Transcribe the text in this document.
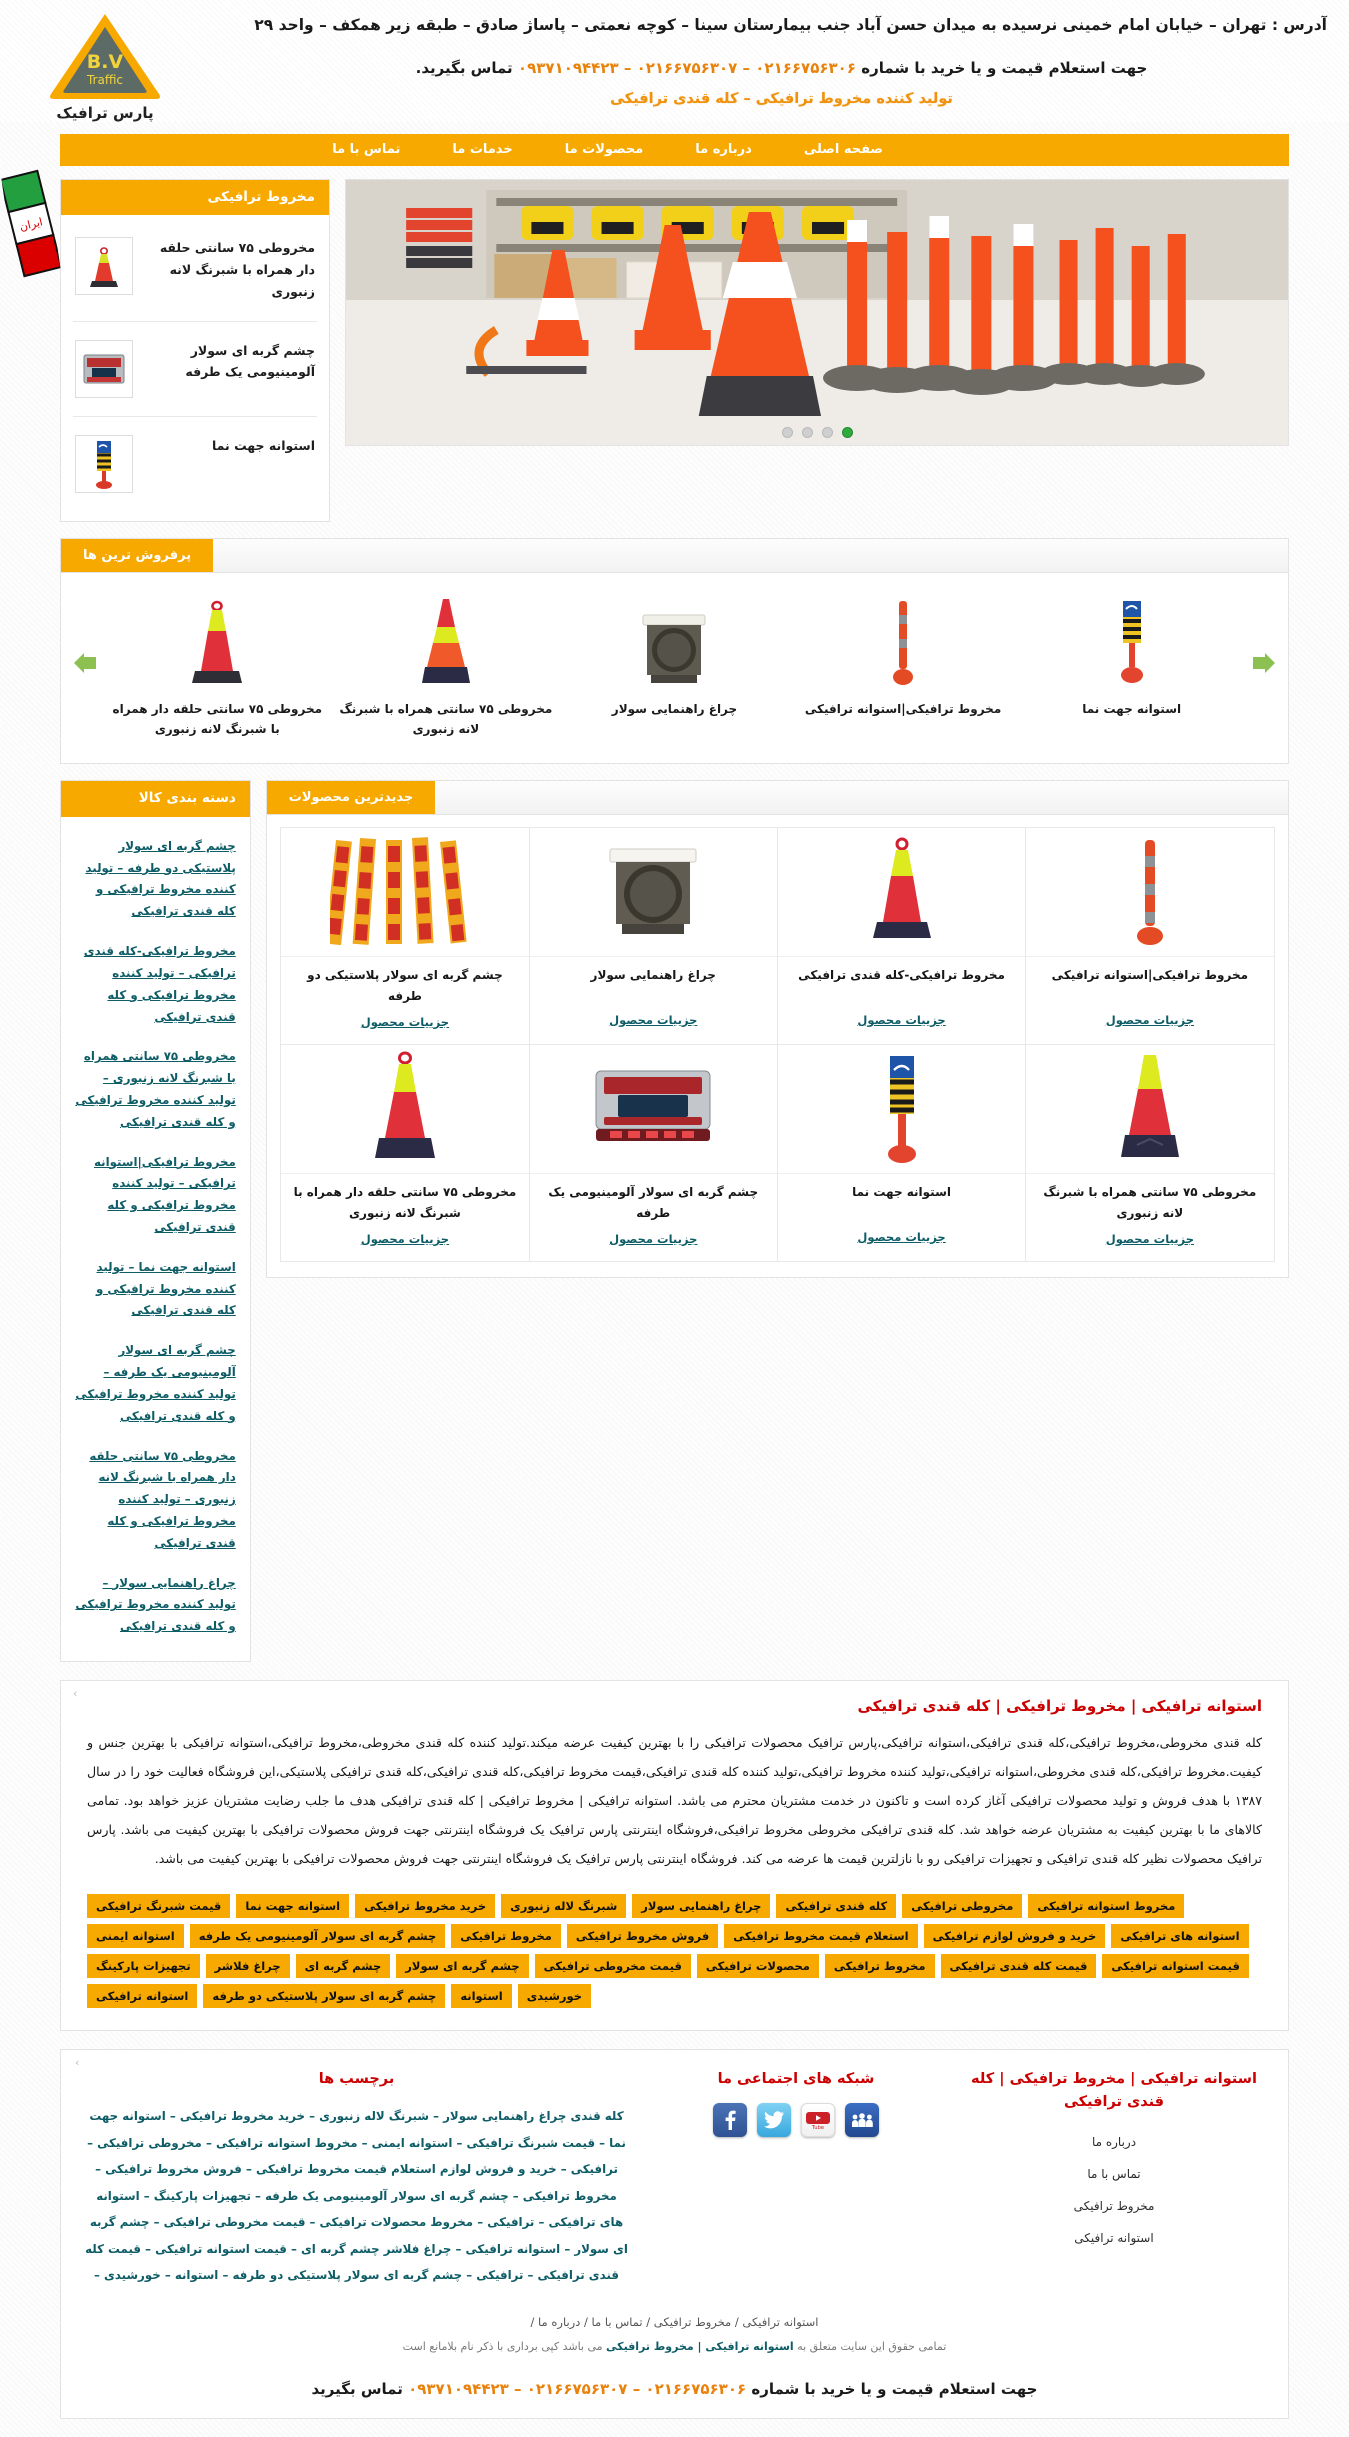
ایران
B.V
Traffic
پارس ترافیک
آدرس : تهران – خیابان امام خمینی نرسیده به میدان حسن آباد جنب بیمارستان سینا – کوچه نعمتی – پاساژ صادق – طبقه زیر همکف – واحد ۲۹
جهت استعلام قیمت و یا خرید با شماره ۰۲۱۶۶۷۵۶۳۰۶ – ۰۲۱۶۶۷۵۶۳۰۷ – ۰۹۳۷۱۰۹۴۴۲۳ تماس بگیرید.
تولید کننده مخروط ترافیکی – کله قندی ترافیکی
صفحه اصلی
درباره ما
محصولات ما
خدمات ما
تماس با ما
مخروط ترافیکی
مخروطی ۷۵ سانتی حلقه دار همراه با شبرنگ لانه زنبوری
چشم گربه ای سولار آلومینیومی یک طرفه
استوانه جهت نما
پرفروش ترین ها
مخروطی ۷۵ سانتی حلقه دار همراه با شبرنگ لانه زنبوری
مخروطی ۷۵ سانتی همراه با شبرنگ لانه زنبوری
چراغ راهنمایی سولار	مخروط ترافیکی|استوانه ترافیکی	استوانه جهت نما
دسته بندی کالا
چشم گربه ای سولار پلاستیکی دو طرفه – تولید کننده مخروط ترافیکی و کله قندی ترافیکی
مخروط ترافیکی-کله قندی ترافیکی – تولید کننده مخروط ترافیکی و کله قندی ترافیکی
مخروطی ۷۵ سانتی همراه با شبرنگ لانه زنبوری – تولید کننده مخروط ترافیکی و کله قندی ترافیکی
مخروط ترافیکی|استوانه ترافیکی – تولید کننده مخروط ترافیکی و کله قندی ترافیکی
استوانه جهت نما – تولید کننده مخروط ترافیکی و کله قندی ترافیکی
چشم گربه ای سولار آلومینیومی یک طرفه – تولید کننده مخروط ترافیکی و کله قندی ترافیکی
مخروطی ۷۵ سانتی حلقه دار همراه با شبرنگ لانه زنبوری – تولید کننده مخروط ترافیکی و کله قندی ترافیکی
چراغ راهنمایی سولار – تولید کننده مخروط ترافیکی و کله قندی ترافیکی
جدیدترین محصولات
مخروط ترافیکی|استوانه ترافیکی
جزییات محصول
مخروط ترافیکی-کله قندی ترافیکی
جزییات محصول
چراغ راهنمایی سولار
جزییات محصول
چشم گربه ای سولار پلاستیکی دو طرفه
جزییات محصول
مخروطی ۷۵ سانتی همراه با شبرنگ لانه زنبوری
جزییات محصول
استوانه جهت نما
جزییات محصول
چشم گربه ای سولار آلومینیومی یک طرفه
جزییات محصول
مخروطی ۷۵ سانتی حلقه دار همراه با شبرنگ لانه زنبوری
جزییات محصول
›
استوانه ترافیکی | مخروط ترافیکی | کله قندی ترافیکی
کله قندی مخروطی،مخروط ترافیکی،کله قندی ترافیکی،استوانه ترافیکی،پارس ترافیک محصولات ترافیکی را با بهترین کیفیت عرضه میکند.تولید کننده کله قندی مخروطی،مخروط ترافیکی،استوانه ترافیکی با بهترین جنس و کیفیت.مخروط ترافیکی،کله قندی مخروطی،استوانه ترافیکی،تولید کننده مخروط ترافیکی،تولید کننده کله قندی ترافیکی،قیمت مخروط ترافیکی،کله قندی ترافیکی،کله قندی ترافیکی پلاستیکی،این فروشگاه فعالیت خود را در سال ۱۳۸۷ با هدف فروش و تولید محصولات ترافیکی آغاز کرده است و تاکنون در خدمت مشتریان محترم می باشد. استوانه ترافیکی | مخروط ترافیکی | کله قندی ترافیکی هدف ما جلب رضایت مشتریان عزیز خواهد بود. تمامی کالاهای ما با بهترین کیفیت به مشتریان عرضه خواهد شد. کله قندی ترافیکی مخروطی مخروط ترافیکی،فروشگاه اینترنتی پارس ترافیک یک فروشگاه اینترنتی جهت فروش محصولات ترافیکی با بهترین کیفیت می باشد. پارس ترافیک محصولات نظیر کله قندی ترافیکی و تجهیزات ترافیکی رو با نازلترین قیمت ها عرضه می کند. فروشگاه اینترنتی پارس ترافیک یک فروشگاه اینترنتی جهت فروش محصولات ترافیکی با بهترین کیفیت می باشد.
قیمت شبرنگ ترافیکی	استوانه جهت نما	خرید مخروط ترافیکی	شبرنگ لاله زنبوری	چراغ راهنمایی سولار	کله قندی ترافیکی	مخروطی ترافیکی	مخروط استوانه ترافیکی
استوانه ایمنی	چشم گربه ای سولار آلومینیومی یک طرفه	مخروط ترافیکی	فروش مخروط ترافیکی	استعلام قیمت مخروط ترافیکی	خرید و فروش لوازم ترافیکی	استوانه های ترافیکی
تجهیزات پارکینگ	چراغ فلاشر	چشم گربه ای	چشم گربه ای سولار	قیمت مخروطی ترافیکی	محصولات ترافیکی	مخروط ترافیکی	قیمت کله قندی ترافیکی	قیمت استوانه ترافیکی
استوانه ترافیکی	چشم گربه ای سولار پلاستیکی دو طرفه	استوانه	خورشیدی
›
برچسب ها
کله قندی چراغ راهنمایی سولار – شبرنگ لاله زنبوری – خرید مخروط ترافیکی – استوانه جهت نما – قیمت شبرنگ ترافیکی – استوانه ایمنی – مخروط استوانه ترافیکی – مخروطی ترافیکی – ترافیکی – خرید و فروش لوازم استعلام قیمت مخروط ترافیکی – فروش مخروط ترافیکی – مخروط ترافیکی – چشم گربه ای سولار آلومینیومی یک طرفه – تجهیزات پارکینگ – استوانه های ترافیکی – ترافیکی – مخروط محصولات ترافیکی – قیمت مخروطی ترافیکی – چشم گربه ای سولار – استوانه ترافیکی – چراغ فلاشر چشم گربه ای – قیمت استوانه ترافیکی – قیمت کله قندی ترافیکی – ترافیکی – چشم گربه ای سولار پلاستیکی دو طرفه – استوانه – خورشیدی –
شبکه های اجتماعی ما
Tube
استوانه ترافیکی | مخروط ترافیکی | کله قندی ترافیکی
درباره ما
تماس با ما
مخروط ترافیکی
استوانه ترافیکی
استوانه ترافیکی / مخروط ترافیکی / تماس با ما / درباره ما /
تمامی حقوق این سایت متعلق به استوانه ترافیکی | مخروط ترافیکی می باشد کپی برداری با ذکر نام بلامانع است
جهت استعلام قیمت و یا خرید با شماره ۰۲۱۶۶۷۵۶۳۰۶ – ۰۲۱۶۶۷۵۶۳۰۷ – ۰۹۳۷۱۰۹۴۴۲۳ تماس بگیرید
